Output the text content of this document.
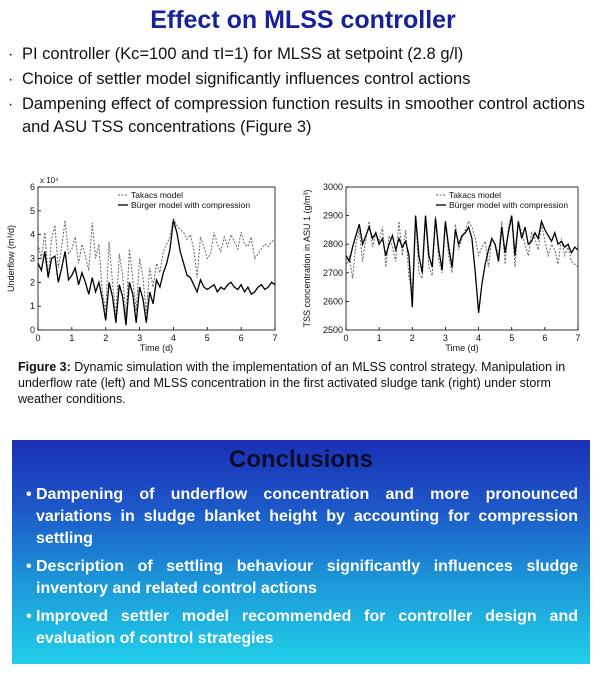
Effect on MLSS controller
· PI controller (Kc=100 and τI=1) for MLSS at setpoint (2.8 g/l)
· Choice of settler model significantly influences control actions
· Dampening effect of compression function results in smoother control actions and ASU TSS concentrations (Figure 3)
0	1	2	3	4	5	6	7
0
1
2
3
4
5
6
Time (d)
Underflow (m³/d)
x 10⁴
Takacs model
Bürger model with compression
0	1	2	3	4	5	6	7
2500
2600
2700
2800
2900
3000
Time (d)
TSS concentration in ASU 1 (g/m³)	Takacs model
Bürger model with compression
Figure 3: Dynamic simulation with the implementation of an MLSS control strategy. Manipulation in underflow rate (left) and MLSS concentration in the first activated sludge tank (right) under storm weather conditions.
Conclusions
• Dampening of underflow concentration and more pronounced variations in sludge blanket height by accounting for compression settling
• Description of settling behaviour significantly influences sludge inventory and related control actions
• Improved settler model recommended for controller design and evaluation of control strategies
